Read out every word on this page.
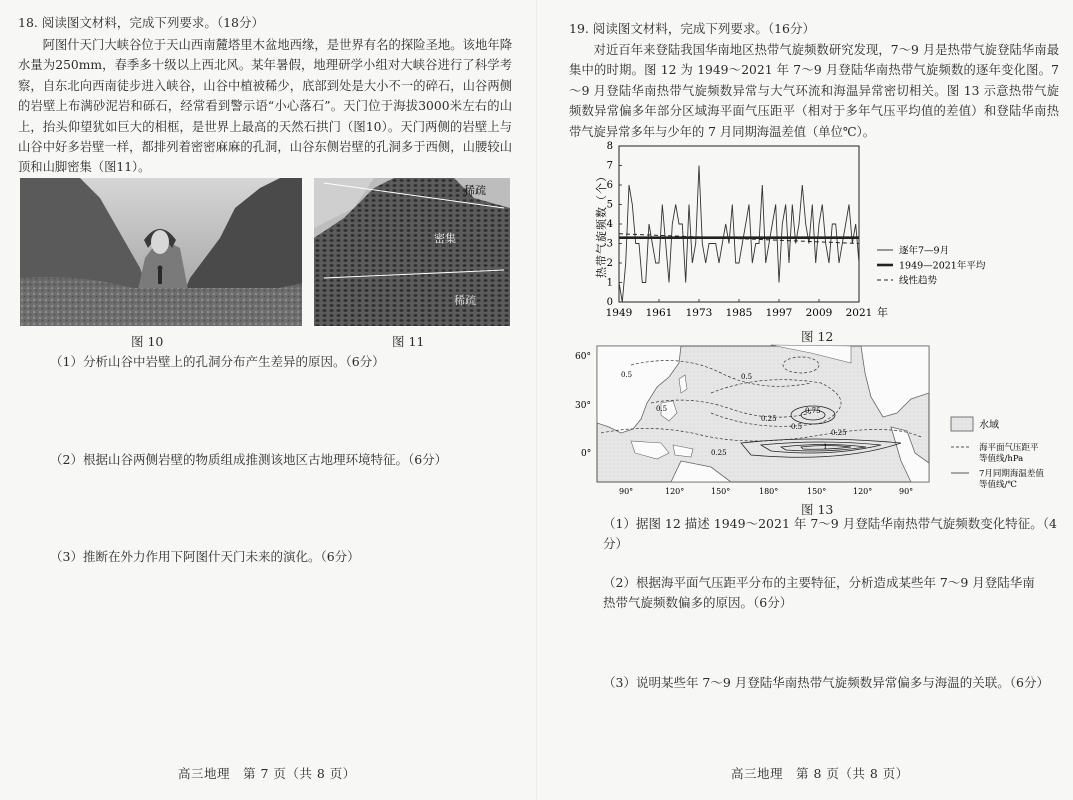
18. 阅读图文材料，完成下列要求。（18分）
阿图什天门大峡谷位于天山西南麓塔里木盆地西缘，是世界有名的探险圣地。该地年降水量为250mm，春季多十级以上西北风。某年暑假，地理研学小组对大峡谷进行了科学考察，自东北向西南徒步进入峡谷，山谷中植被稀少，底部到处是大小不一的碎石，山谷两侧的岩壁上布满砂泥岩和砾石，经常看到警示语“小心落石”。天门位于海拔3000米左右的山上，抬头仰望犹如巨大的相框，是世界上最高的天然石拱门（图10）。天门两侧的岩壁上与山谷中好多岩壁一样，都排列着密密麻麻的孔洞，山谷东侧岩壁的孔洞多于西侧，山腰较山顶和山脚密集（图11）。
稀疏
密集
稀疏
图 10	图 11
（1）分析山谷中岩壁上的孔洞分布产生差异的原因。（6分）
（2）根据山谷两侧岩壁的物质组成推测该地区古地理环境特征。（6分）
（3）推断在外力作用下阿图什天门未来的演化。（6分）
高三地理　第 7 页（共 8 页）
19. 阅读图文材料，完成下列要求。（16分）
对近百年来登陆我国华南地区热带气旋频数研究发现，7～9 月是热带气旋登陆华南最集中的时期。图 12 为 1949～2021 年 7～9 月登陆华南热带气旋频数的逐年变化图。7～9 月登陆华南热带气旋频数异常与大气环流和海温异常密切相关。图 13 示意热带气旋频数异常偏多年部分区域海平面气压距平（相对于多年气压平均值的差值）和登陆华南热带气旋异常多年与少年的 7 月同期海温差值（单位℃）。
0
1
2
3
4
5
6
7
8
1949 1961 1973 1985 1997 2009 2021 年
热带气旋频数（个）	逐年7—9月
1949—2021年平均
线性趋势
图 12
60°
30°
0°
0.5
0.5
0.5
0.25
0.75
0.5
0.25
0.25
1
90°	120°	150°	180°	150°	120°	90°
水域
海平面气压距平
等值线/hPa
7月同期海温差值
等值线/℃
图 13
（1）据图 12 描述 1949～2021 年 7～9 月登陆华南热带气旋频数变化特征。（4分）
（2）根据海平面气压距平分布的主要特征，分析造成某些年 7～9 月登陆华南热带气旋频数偏多的原因。（6分）
（3）说明某些年 7～9 月登陆华南热带气旋频数异常偏多与海温的关联。（6分）
高三地理　第 8 页（共 8 页）
